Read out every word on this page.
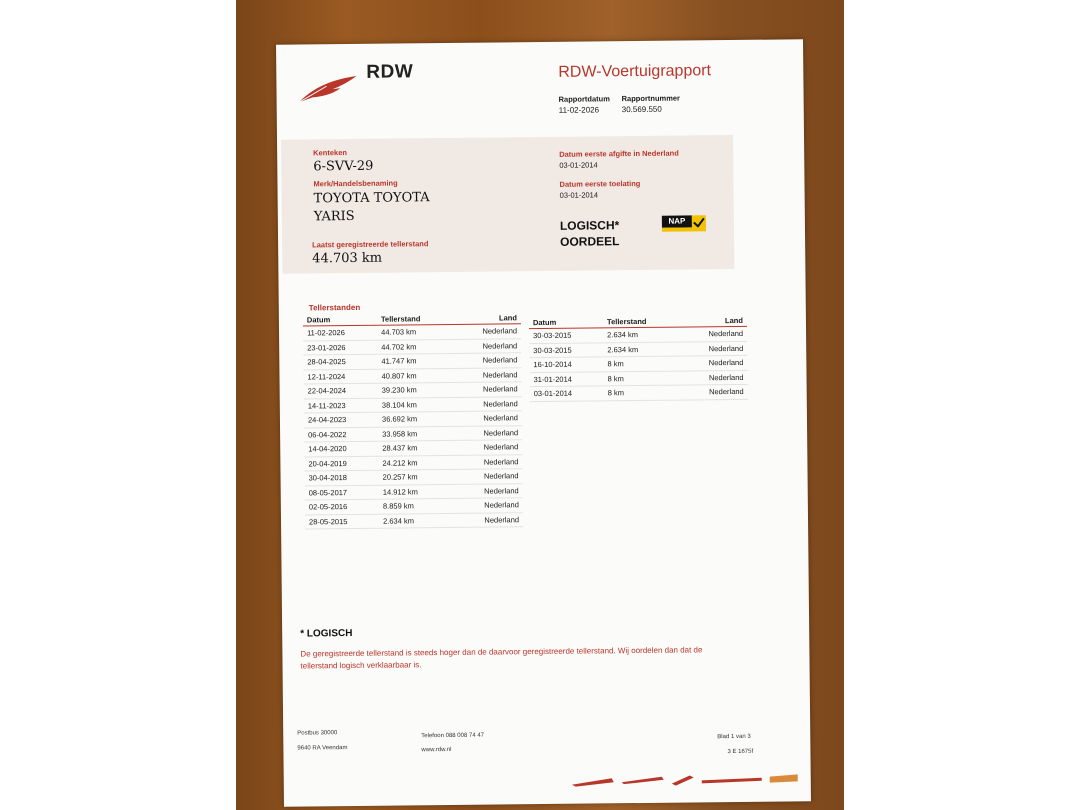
RDW	RDW-Voertuigrapport
Rapportdatum
11-02-2026
Rapportnummer
30.569.550
Kenteken
6-SVV-29
Merk/Handelsbenaming
TOYOTA TOYOTA
YARIS
Laatst geregistreerde tellerstand
44.703 km
Datum eerste afgifte in Nederland
03-01-2014
Datum eerste toelating
03-01-2014
LOGISCH*
OORDEEL
NAP
Tellerstanden
Datum	Tellerstand	Land
11-02-2026	44.703 km	Nederland
23-01-2026	44.702 km	Nederland
28-04-2025	41.747 km	Nederland
12-11-2024	40.807 km	Nederland
22-04-2024	39.230 km	Nederland
14-11-2023	38.104 km	Nederland
24-04-2023	36.692 km	Nederland
06-04-2022	33.958 km	Nederland
14-04-2020	28.437 km	Nederland
20-04-2019	24.212 km	Nederland
30-04-2018	20.257 km	Nederland
08-05-2017	14.912 km	Nederland
02-05-2016	8.859 km	Nederland
28-05-2015	2.634 km	Nederland
Datum	Tellerstand	Land
30-03-2015	2.634 km	Nederland
30-03-2015	2.634 km	Nederland
16-10-2014	8 km	Nederland
31-01-2014	8 km	Nederland
03-01-2014	8 km	Nederland
* LOGISCH
De geregistreerde tellerstand is steeds hoger dan de daarvoor geregistreerde tellerstand. Wij oordelen dan dat de tellerstand logisch verklaarbaar is.
Postbus 30000
9640 RA Veendam
Telefoon 088 008 74 47
www.rdw.nl
Blad 1 van 3
3 E 1675f
